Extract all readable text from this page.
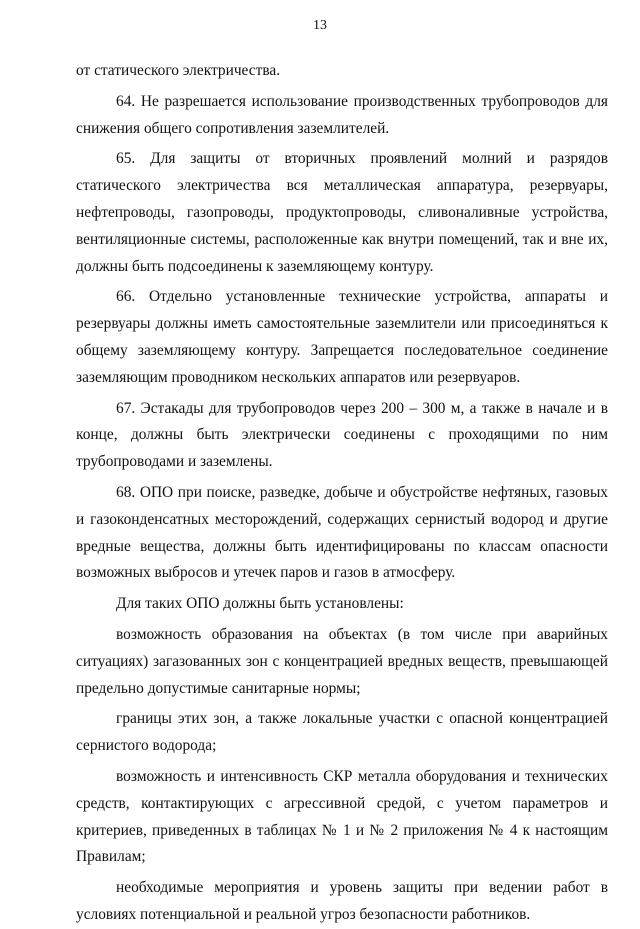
13

от статического электричества.

64. Не разрешается использование производственных трубопроводов для снижения общего сопротивления заземлителей.

65. Для защиты от вторичных проявлений молний и разрядов статического электричества вся металлическая аппаратура, резервуары, нефтепроводы, газопроводы, продуктопроводы, сливоналивные устройства, вентиляционные системы, расположенные как внутри помещений, так и вне их, должны быть подсоединены к заземляющему контуру.

66. Отдельно установленные технические устройства, аппараты и резервуары должны иметь самостоятельные заземлители или присоединяться к общему заземляющему контуру. Запрещается последовательное соединение заземляющим проводником нескольких аппаратов или резервуаров.

67. Эстакады для трубопроводов через 200 – 300 м, а также в начале и в конце, должны быть электрически соединены с проходящими по ним трубопроводами и заземлены.

68. ОПО при поиске, разведке, добыче и обустройстве нефтяных, газовых и газоконденсатных месторождений, содержащих сернистый водород и другие вредные вещества, должны быть идентифицированы по классам опасности возможных выбросов и утечек паров и газов в атмосферу.

Для таких ОПО должны быть установлены:

возможность образования на объектах (в том числе при аварийных ситуациях) загазованных зон с концентрацией вредных веществ, превышающей предельно допустимые санитарные нормы;

границы этих зон, а также локальные участки с опасной концентрацией сернистого водорода;

возможность и интенсивность СКР металла оборудования и технических средств, контактирующих с агрессивной средой, с учетом параметров и критериев, приведенных в таблицах № 1 и № 2 приложения № 4 к настоящим Правилам;

необходимые мероприятия и уровень защиты при ведении работ в условиях потенциальной и реальной угроз безопасности работников.
